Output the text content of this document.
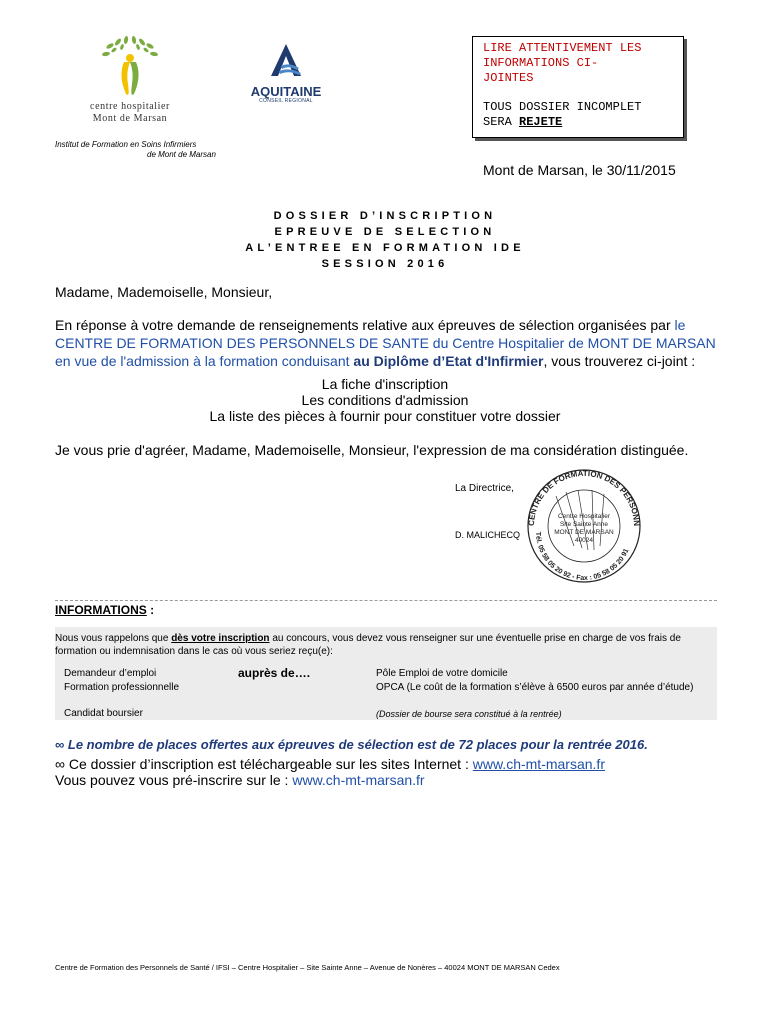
centre hospitalier
Mont de Marsan
AQUITAINE
CONSEIL REGIONAL
Institut de Formation en Soins Infirmiers
de Mont de Marsan
LIRE ATTENTIVEMENT LES
INFORMATIONS CI-
JOINTES
TOUS DOSSIER INCOMPLET
SERA REJETE
Mont de Marsan, le 30/11/2015
DOSSIER D’INSCRIPTION
EPREUVE DE SELECTION
AL’ENTREE EN FORMATION IDE
SESSION 2016
Madame, Mademoiselle, Monsieur,
En réponse à votre demande de renseignements relative aux épreuves de sélection organisées par le CENTRE DE FORMATION DES PERSONNELS DE SANTE du Centre Hospitalier de MONT DE MARSAN en vue de l'admission à la formation conduisant au Diplôme d’Etat d'Infirmier, vous trouverez ci-joint :
La fiche d'inscription
Les conditions d'admission
La liste des pièces à fournir pour constituer votre dossier
Je vous prie d'agréer, Madame, Mademoiselle, Monsieur, l'expression de ma considération distinguée.
La Directrice,
D. MALICHECQ
CENTRE DE FORMATION DES PERSONN
Tél. 05 58 05 20 92 - Fax : 05 58 05 20 91
Centre Hospitalier
Site Sainte Anne
MONT DE MARSAN
40024
INFORMATIONS :
Nous vous rappelons que dès votre inscription au concours, vous devez vous renseigner sur une éventuelle prise en charge de vos frais de formation ou indemnisation dans le cas où vous seriez reçu(e):
Demandeur d’emploi
Formation professionnelle
Candidat boursier
auprès de….	Pôle Emploi de votre domicile
OPCA (Le coût de la formation s’élève à 6500 euros par année d’étude)
(Dossier de bourse sera constitué à la rentrée)
∞ Le nombre de places offertes aux épreuves de sélection est de 72 places pour la rentrée 2016.
∞ Ce dossier d’inscription est téléchargeable sur les sites Internet : www.ch-mt-marsan.fr
Vous pouvez vous pré-inscrire sur le : www.ch-mt-marsan.fr
Centre de Formation des Personnels de Santé / IFSI – Centre Hospitalier – Site Sainte Anne – Avenue de Nonères – 40024 MONT DE MARSAN Cedex
